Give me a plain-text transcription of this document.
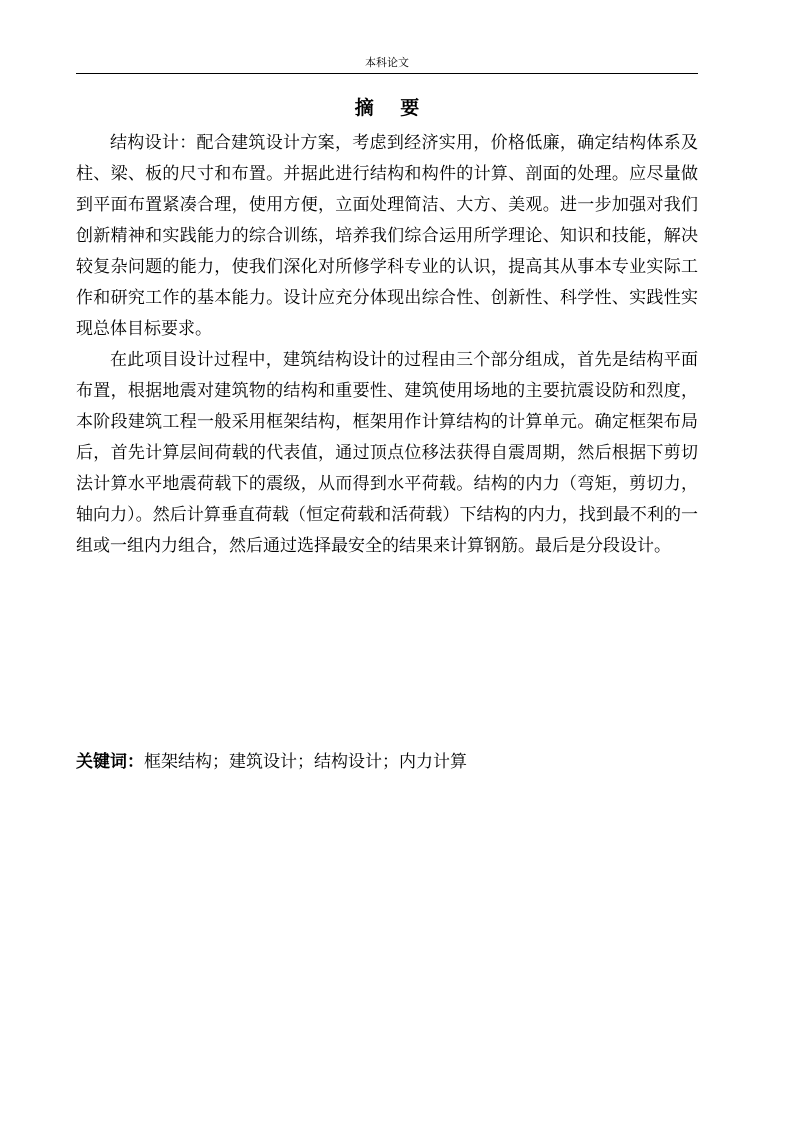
本科论文
摘 要

结构设计：配合建筑设计方案，考虑到经济实用，价格低廉，确定结构体系及柱、梁、板的尺寸和布置。并据此进行结构和构件的计算、剖面的处理。应尽量做到平面布置紧凑合理，使用方便，立面处理简洁、大方、美观。进一步加强对我们创新精神和实践能力的综合训练，培养我们综合运用所学理论、知识和技能，解决较复杂问题的能力，使我们深化对所修学科专业的认识，提高其从事本专业实际工作和研究工作的基本能力。设计应充分体现出综合性、创新性、科学性、实践性实现总体目标要求。

在此项目设计过程中，建筑结构设计的过程由三个部分组成，首先是结构平面布置，根据地震对建筑物的结构和重要性、建筑使用场地的主要抗震设防和烈度，本阶段建筑工程一般采用框架结构，框架用作计算结构的计算单元。确定框架布局后，首先计算层间荷载的代表值，通过顶点位移法获得自震周期，然后根据下剪切法计算水平地震荷载下的震级，从而得到水平荷载。结构的内力（弯矩，剪切力，轴向力）。然后计算垂直荷载（恒定荷载和活荷载）下结构的内力，找到最不利的一组或一组内力组合，然后通过选择最安全的结果来计算钢筋。最后是分段设计。

关键词：框架结构；建筑设计；结构设计；内力计算
